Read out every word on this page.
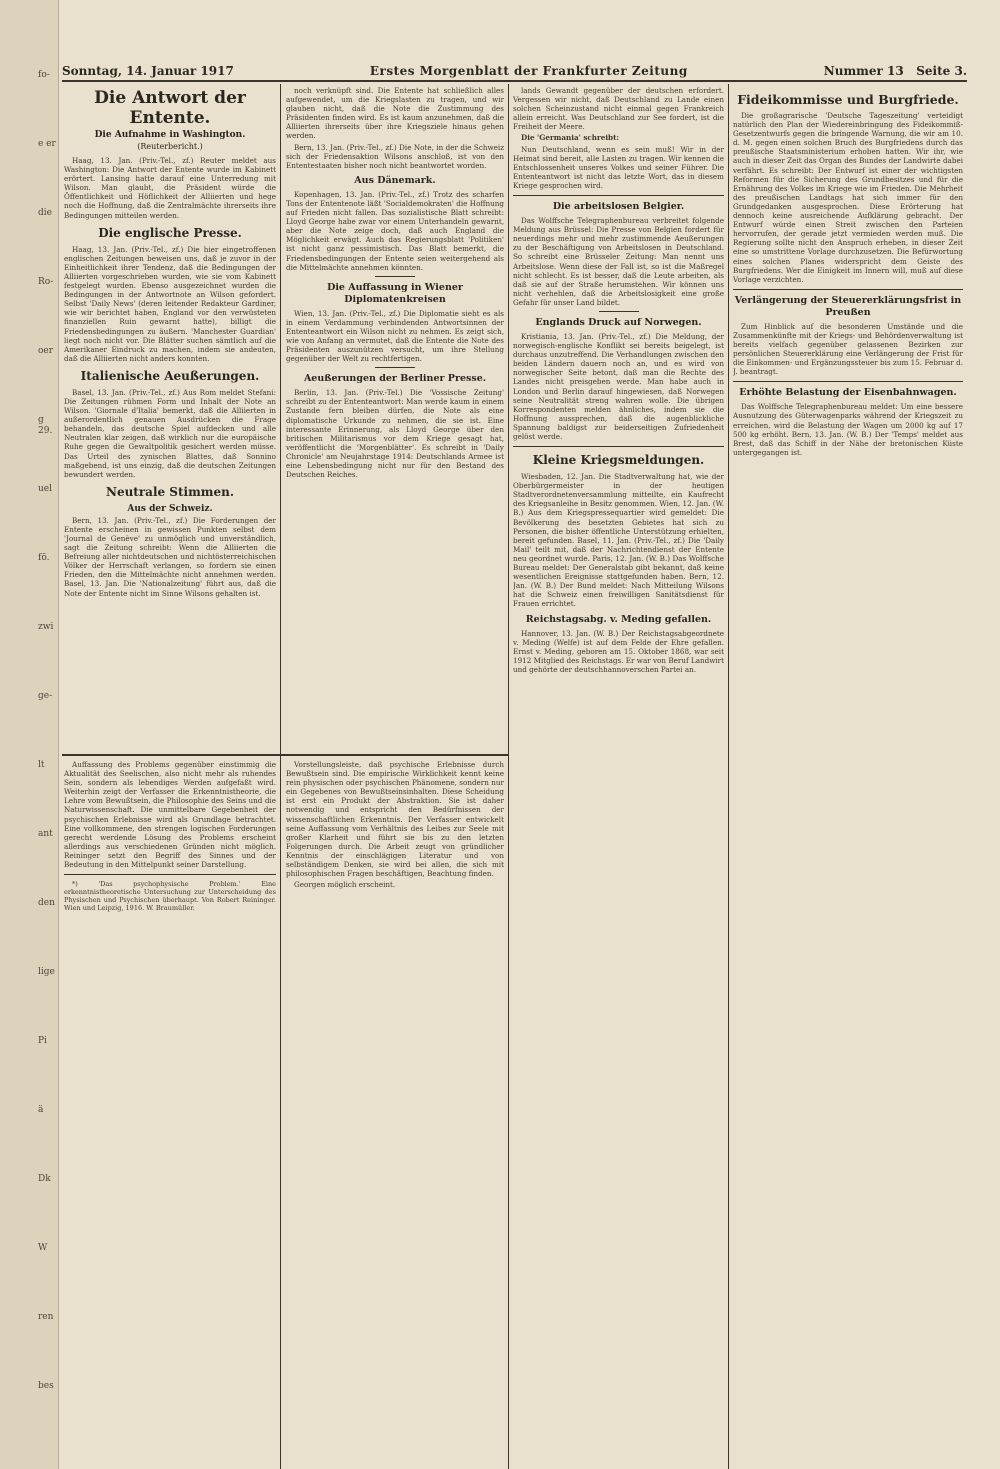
fo-
e er
die
Ro-
oer
g 29.
uel
fö.
zwi
ge-
lt
ant
den
lige
Pi
ä
Dk
W
ren
bes
Sonntag, 14. Januar 1917	Erstes Morgenblatt der Frankfurter Zeitung	Nummer 13 Seite 3.
Die Antwort der Entente.
Die Aufnahme in Washington.
(Reuterbericht.)

Haag, 13. Jan. (Priv.-Tel., zf.) Reuter meldet aus Washington: Die Antwort der Entente wurde im Kabinett erörtert. Lansing hatte darauf eine Unterredung mit Wilson. Man glaubt, die Präsident würde die Öffentlichkeit und Höflichkeit der Alliierten und hege noch die Hoffnung, daß die Zentralmächte ihrerseits ihre Bedingungen mitteilen werden.

Die englische Presse.

Haag, 13. Jan. (Priv.-Tel., zf.) Die hier eingetroffenen englischen Zeitungen beweisen uns, daß je zuvor in der Einheitlichkeit ihrer Tendenz, daß die Bedingungen der Alliierten vorgeschrieben wurden, wie sie vom Kabinett festgelegt wurden. Ebenso ausgezeichnet wurden die Bedingungen in der Antwortnote an Wilson gefordert. Selbst 'Daily News' (deren leitender Redakteur Gardiner, wie wir berichtet haben, England vor den verwüsteten finanziellen Ruin gewarnt hatte), billigt die Friedensbedingungen zu äußern. 'Manchester Guardian' liegt noch nicht vor. Die Blätter suchen sämtlich auf die Amerikaner Eindruck zu machen, indem sie andeuten, daß die Alliierten nicht anders konnten.

Italienische Aeußerungen.

Basel, 13. Jan. (Priv.-Tel., zf.) Aus Rom meldet Stefani: Die Zeitungen rühmen Form und Inhalt der Note an Wilson. 'Giornale d'Italia' bemerkt, daß die Alliierten in außerordentlich genauen Ausdrücken die Frage behandeln, das deutsche Spiel aufdecken und alle Neutralen klar zeigen, daß wirklich nur die europäische Ruhe gegen die Gewaltpolitik gesichert werden müsse. Das Urteil des zynischen Blattes, daß Sonnino maßgebend, ist uns einzig, daß die deutschen Zeitungen bewundert werden.

Neutrale Stimmen.
Aus der Schweiz.

Bern, 13. Jan. (Priv.-Tel., zf.) Die Forderungen der Entente erscheinen in gewissen Punkten selbst dem 'Journal de Genève' zu unmöglich und unverständlich, sagt die Zeitung schreibt: Wenn die Alliierten die Befreiung aller nichtdeutschen und nichtösterreichischen Völker der Herrschaft verlangen, so fordern sie einen Frieden, den die Mittelmächte nicht annehmen werden. Basel, 13. Jan. Die 'Nationalzeitung' führt aus, daß die Note der Entente nicht im Sinne Wilsons gehalten ist.

Auffassung des Problems gegenüber einstimmig die Aktualität des Seelischen, also nicht mehr als ruhendes Sein, sondern als lebendiges Werden aufgefaßt wird. Weiterhin zeigt der Verfasser die Erkenntnistheorie, die Lehre vom Bewußtsein, die Philosophie des Seins und die Naturwissenschaft. Die unmittelbare Gegebenheit der psychischen Erlebnisse wird als Grundlage betrachtet. Eine vollkommene, den strengen logischen Forderungen gerecht werdende Lösung des Problems erscheint allerdings aus verschiedenen Gründen nicht möglich. Reininger setzt den Begriff des Sinnes und der Bedeutung in den Mittelpunkt seiner Darstellung.

*) 'Das psychophysische Problem.' Eine erkenntnistheoretische Untersuchung zur Unterscheidung des Physischen und Psychischen überhaupt. Von Robert Reininger. Wien und Leipzig, 1916. W. Braumüller.

noch verknüpft sind. Die Entente hat schließlich alles aufgewendet, um die Kriegslasten zu tragen, und wir glauben nicht, daß die Note die Zustimmung des Präsidenten finden wird. Es ist kaum anzunehmen, daß die Alliierten ihrerseits über ihre Kriegsziele hinaus gehen werden.

Bern, 13. Jan. (Priv.-Tel., zf.) Die Note, in der die Schweiz sich der Friedensaktion Wilsons anschloß, ist von den Ententestaaten bisher noch nicht beantwortet worden.

Aus Dänemark.

Kopenhagen, 13. Jan. (Priv.-Tel., zf.) Trotz des scharfen Tons der Ententenote läßt 'Socialdemokraten' die Hoffnung auf Frieden nicht fallen. Das sozialistische Blatt schreibt: Lloyd George habe zwar vor einem Unterhandeln gewarnt, aber die Note zeige doch, daß auch England die Möglichkeit erwägt. Auch das Regierungsblatt 'Politiken' ist nicht ganz pessimistisch. Das Blatt bemerkt, die Friedensbedingungen der Entente seien weitergehend als die Mittelmächte annehmen könnten.

Die Auffassung in Wiener Diplomatenkreisen

Wien, 13. Jan. (Priv.-Tel., zf.) Die Diplomatie sieht es als in einem Verdammung verbindenden Antwortsinnen der Ententeantwort ein Wilson nicht zu nehmen. Es zeigt sich, wie von Anfang an vermutet, daß die Entente die Note des Präsidenten auszunützen versucht, um ihre Stellung gegenüber der Welt zu rechtfertigen.

Aeußerungen der Berliner Presse.

Berlin, 13. Jan. (Priv.-Tel.) Die 'Vossische Zeitung' schreibt zu der Ententeantwort: Man werde kaum in einem Zustande fern bleiben dürfen, die Note als eine diplomatische Urkunde zu nehmen, die sie ist. Eine interessante Erinnerung, als Lloyd George über den britischen Militarismus vor dem Kriege gesagt hat, veröffentlicht die 'Morgenblätter'. Es schreibt in 'Daily Chronicle' am Neujahrstage 1914: Deutschlands Armee ist eine Lebensbedingung nicht nur für den Bestand des Deutschen Reiches.

Vorstellungsleiste, daß psychische Erlebnisse durch Bewußtsein sind. Die empirische Wirklichkeit kennt keine rein physischen oder psychischen Phänomene, sondern nur ein Gegebenes von Bewußtseinsinhalten. Diese Scheidung ist erst ein Produkt der Abstraktion. Sie ist daher notwendig und entspricht den Bedürfnissen der wissenschaftlichen Erkenntnis. Der Verfasser entwickelt seine Auffassung vom Verhältnis des Leibes zur Seele mit großer Klarheit und führt sie bis zu den letzten Folgerungen durch. Die Arbeit zeugt von gründlicher Kenntnis der einschlägigen Literatur und von selbständigem Denken, sie wird bei allen, die sich mit philosophischen Fragen beschäftigen, Beachtung finden.

Georgen möglich erscheint.

lands Gewandt gegenüber der deutschen erfordert. Vergessen wir nicht, daß Deutschland zu Lande einen solchen Scheinzustand nicht einmal gegen Frankreich allein erreicht. Was Deutschland zur See fordert, ist die Freiheit der Meere.

Die 'Germania' schreibt:

Nun Deutschland, wenn es sein muß! Wir in der Heimat sind bereit, alle Lasten zu tragen. Wir kennen die Entschlossenheit unseres Volkes und seiner Führer. Die Ententeantwort ist nicht das letzte Wort, das in diesem Kriege gesprochen wird.

Die arbeitslosen Belgier.

Das Wolffsche Telegraphenbureau verbreitet folgende Meldung aus Brüssel: Die Presse von Belgien fordert für neuerdings mehr und mehr zustimmende Aeußerungen zu der Beschäftigung von Arbeitslosen in Deutschland. So schreibt eine Brüsseler Zeitung: Man nennt uns Arbeitslose. Wenn diese der Fall ist, so ist die Maßregel nicht schlecht. Es ist besser, daß die Leute arbeiten, als daß sie auf der Straße herumstehen. Wir können uns nicht verhehlen, daß die Arbeitslosigkeit eine große Gefahr für unser Land bildet.

Englands Druck auf Norwegen.

Kristiania, 13. Jan. (Priv.-Tel., zf.) Die Meldung, der norwegisch-englische Konflikt sei bereits beigelegt, ist durchaus unzutreffend. Die Verhandlungen zwischen den beiden Ländern dauern noch an, und es wird von norwegischer Seite betont, daß man die Rechte des Landes nicht preisgeben werde. Man habe auch in London und Berlin darauf hingewiesen, daß Norwegen seine Neutralität streng wahren wolle. Die übrigen Korrespondenten melden ähnliches, indem sie die Hoffnung aussprechen, daß die augenblickliche Spannung baldigst zur beiderseitigen Zufriedenheit gelöst werde.

Kleine Kriegsmeldungen.

Wiesbaden, 12. Jan. Die Stadtverwaltung hat, wie der Oberbürgermeister in der heutigen Stadtverordnetenversammlung mitteilte, ein Kaufrecht des Kriegsanleihe in Besitz genommen. Wien, 12. Jan. (W. B.) Aus dem Kriegspressequartier wird gemeldet: Die Bevölkerung des besetzten Gebietes hat sich zu Personen, die bisher öffentliche Unterstützung erhielten, bereit gefunden. Basel, 11. Jan. (Priv.-Tel., zf.) Die 'Daily Mail' teilt mit, daß der Nachrichtendienst der Entente neu geordnet wurde. Paris, 12. Jan. (W. B.) Das Wolffsche Bureau meldet: Der Generalstab gibt bekannt, daß keine wesentlichen Ereignisse stattgefunden haben. Bern, 12. Jan. (W. B.) Der Bund meldet: Nach Mitteilung Wilsons hat die Schweiz einen freiwilligen Sanitätsdienst für Frauen errichtet.

Reichstagsabg. v. Meding gefallen.

Hannover, 13. Jan. (W. B.) Der Reichstagsabgeordnete v. Meding (Welfe) ist auf dem Felde der Ehre gefallen. Ernst v. Meding, geboren am 15. Oktober 1868, war seit 1912 Mitglied des Reichstags. Er war von Beruf Landwirt und gehörte der deutschhannoverschen Partei an.

Fideikommisse und Burgfriede.

Die großagrarische 'Deutsche Tageszeitung' verteidigt natürlich den Plan der Wiedereinbringung des Fideikommiß-Gesetzentwurfs gegen die bringende Warnung, die wir am 10. d. M. gegen einen solchen Bruch des Burgfriedens durch das preußische Staatsministerium erhoben hatten. Wir ihr, wie auch in dieser Zeit das Organ des Bundes der Landwirte dabei verfährt. Es schreibt: Der Entwurf ist einer der wichtigsten Reformen für die Sicherung des Grundbesitzes und für die Ernährung des Volkes im Kriege wie im Frieden. Die Mehrheit des preußischen Landtags hat sich immer für den Grundgedanken ausgesprochen. Diese Erörterung hat dennoch keine ausreichende Aufklärung gebracht. Der Entwurf würde einen Streit zwischen den Parteien hervorrufen, der gerade jetzt vermieden werden muß. Die Regierung sollte nicht den Anspruch erheben, in dieser Zeit eine so umstrittene Vorlage durchzusetzen. Die Befürwortung eines solchen Planes widerspricht dem Geiste des Burgfriedens. Wer die Einigkeit im Innern will, muß auf diese Vorlage verzichten.

Verlängerung der Steuererklärungsfrist in Preußen

Zum Hinblick auf die besonderen Umstände und die Zusammenkünfte mit der Kriegs- und Behördenverwaltung ist bereits vielfach gegenüber gelassenen Bezirken zur persönlichen Steuererklärung eine Verlängerung der Frist für die Einkommen- und Ergänzungssteuer bis zum 15. Februar d. J. beantragt.

Erhöhte Belastung der Eisenbahnwagen.

Das Wolffsche Telegraphenbureau meldet: Um eine bessere Ausnutzung des Güterwagenparks während der Kriegszeit zu erreichen, wird die Belastung der Wagen um 2000 kg auf 17 500 kg erhöht. Bern, 13. Jan. (W. B.) Der 'Temps' meldet aus Brest, daß das Schiff in der Nähe der bretonischen Küste untergegangen ist.
